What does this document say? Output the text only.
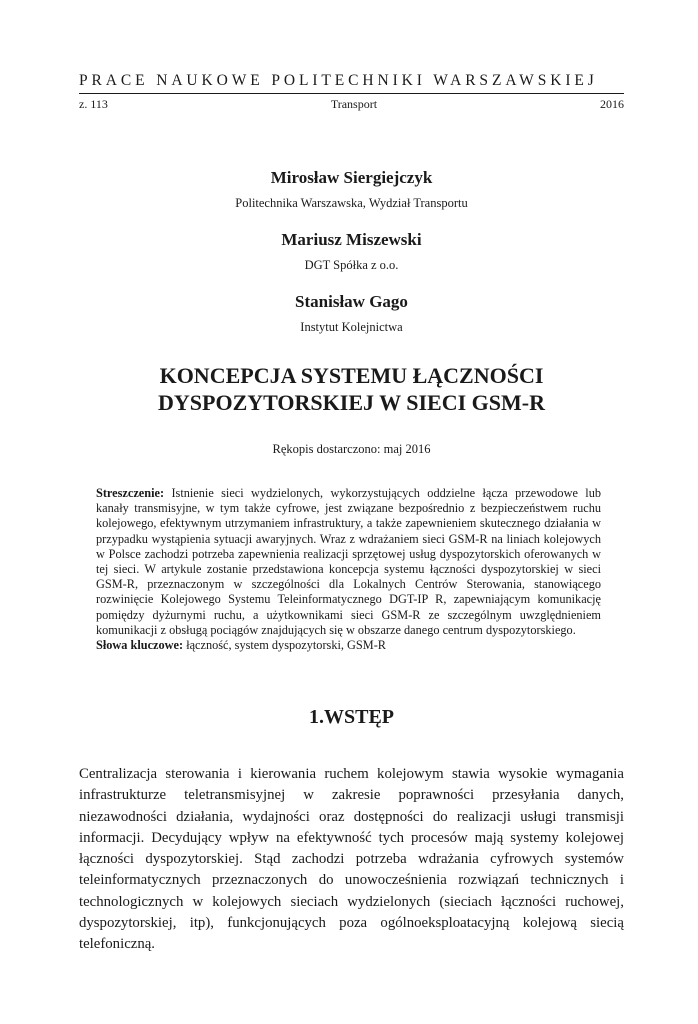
PRACE NAUKOWE POLITECHNIKI WARSZAWSKIEJ
z. 113	Transport	2016
Mirosław Siergiejczyk
Politechnika Warszawska, Wydział Transportu
Mariusz Miszewski
DGT Spółka z o.o.
Stanisław Gago
Instytut Kolejnictwa
KONCEPCJA SYSTEMU ŁĄCZNOŚCI
DYSPOZYTORSKIEJ W SIECI GSM-R
Rękopis dostarczono: maj 2016

Streszczenie: Istnienie sieci wydzielonych, wykorzystujących oddzielne łącza przewodowe lub kanały transmisyjne, w tym także cyfrowe, jest związane bezpośrednio z bezpieczeństwem ruchu kolejowego, efektywnym utrzymaniem infrastruktury, a także zapewnieniem skutecznego działania w przypadku wystąpienia sytuacji awaryjnych. Wraz z wdrażaniem sieci GSM-R na liniach kolejowych w Polsce zachodzi potrzeba zapewnienia realizacji sprzętowej usług dyspozytorskich oferowanych w tej sieci. W artykule zostanie przedstawiona koncepcja systemu łączności dyspozytorskiej w sieci GSM-R, przeznaczonym w szczególności dla Lokalnych Centrów Sterowania, stanowiącego rozwinięcie Kolejowego Systemu Teleinformatycznego DGT-IP R, zapewniającym komunikację pomiędzy dyżurnymi ruchu, a użytkownikami sieci GSM-R ze szczególnym uwzględnieniem komunikacji z obsługą pociągów znajdujących się w obszarze danego centrum dyspozytorskiego.

Słowa kluczowe: łączność, system dyspozytorski, GSM-R

1.WSTĘP

Centralizacja sterowania i kierowania ruchem kolejowym stawia wysokie wymagania infrastrukturze teletransmisyjnej w zakresie poprawności przesyłania danych, niezawodności działania, wydajności oraz dostępności do realizacji usługi transmisji informacji. Decydujący wpływ na efektywność tych procesów mają systemy kolejowej łączności dyspozytorskiej. Stąd zachodzi potrzeba wdrażania cyfrowych systemów teleinformatycznych przeznaczonych do unowocześnienia rozwiązań technicznych i technologicznych w kolejowych sieciach wydzielonych (sieciach łączności ruchowej, dyspozytorskiej, itp), funkcjonujących poza ogólnoeksploatacyjną kolejową siecią telefoniczną.
